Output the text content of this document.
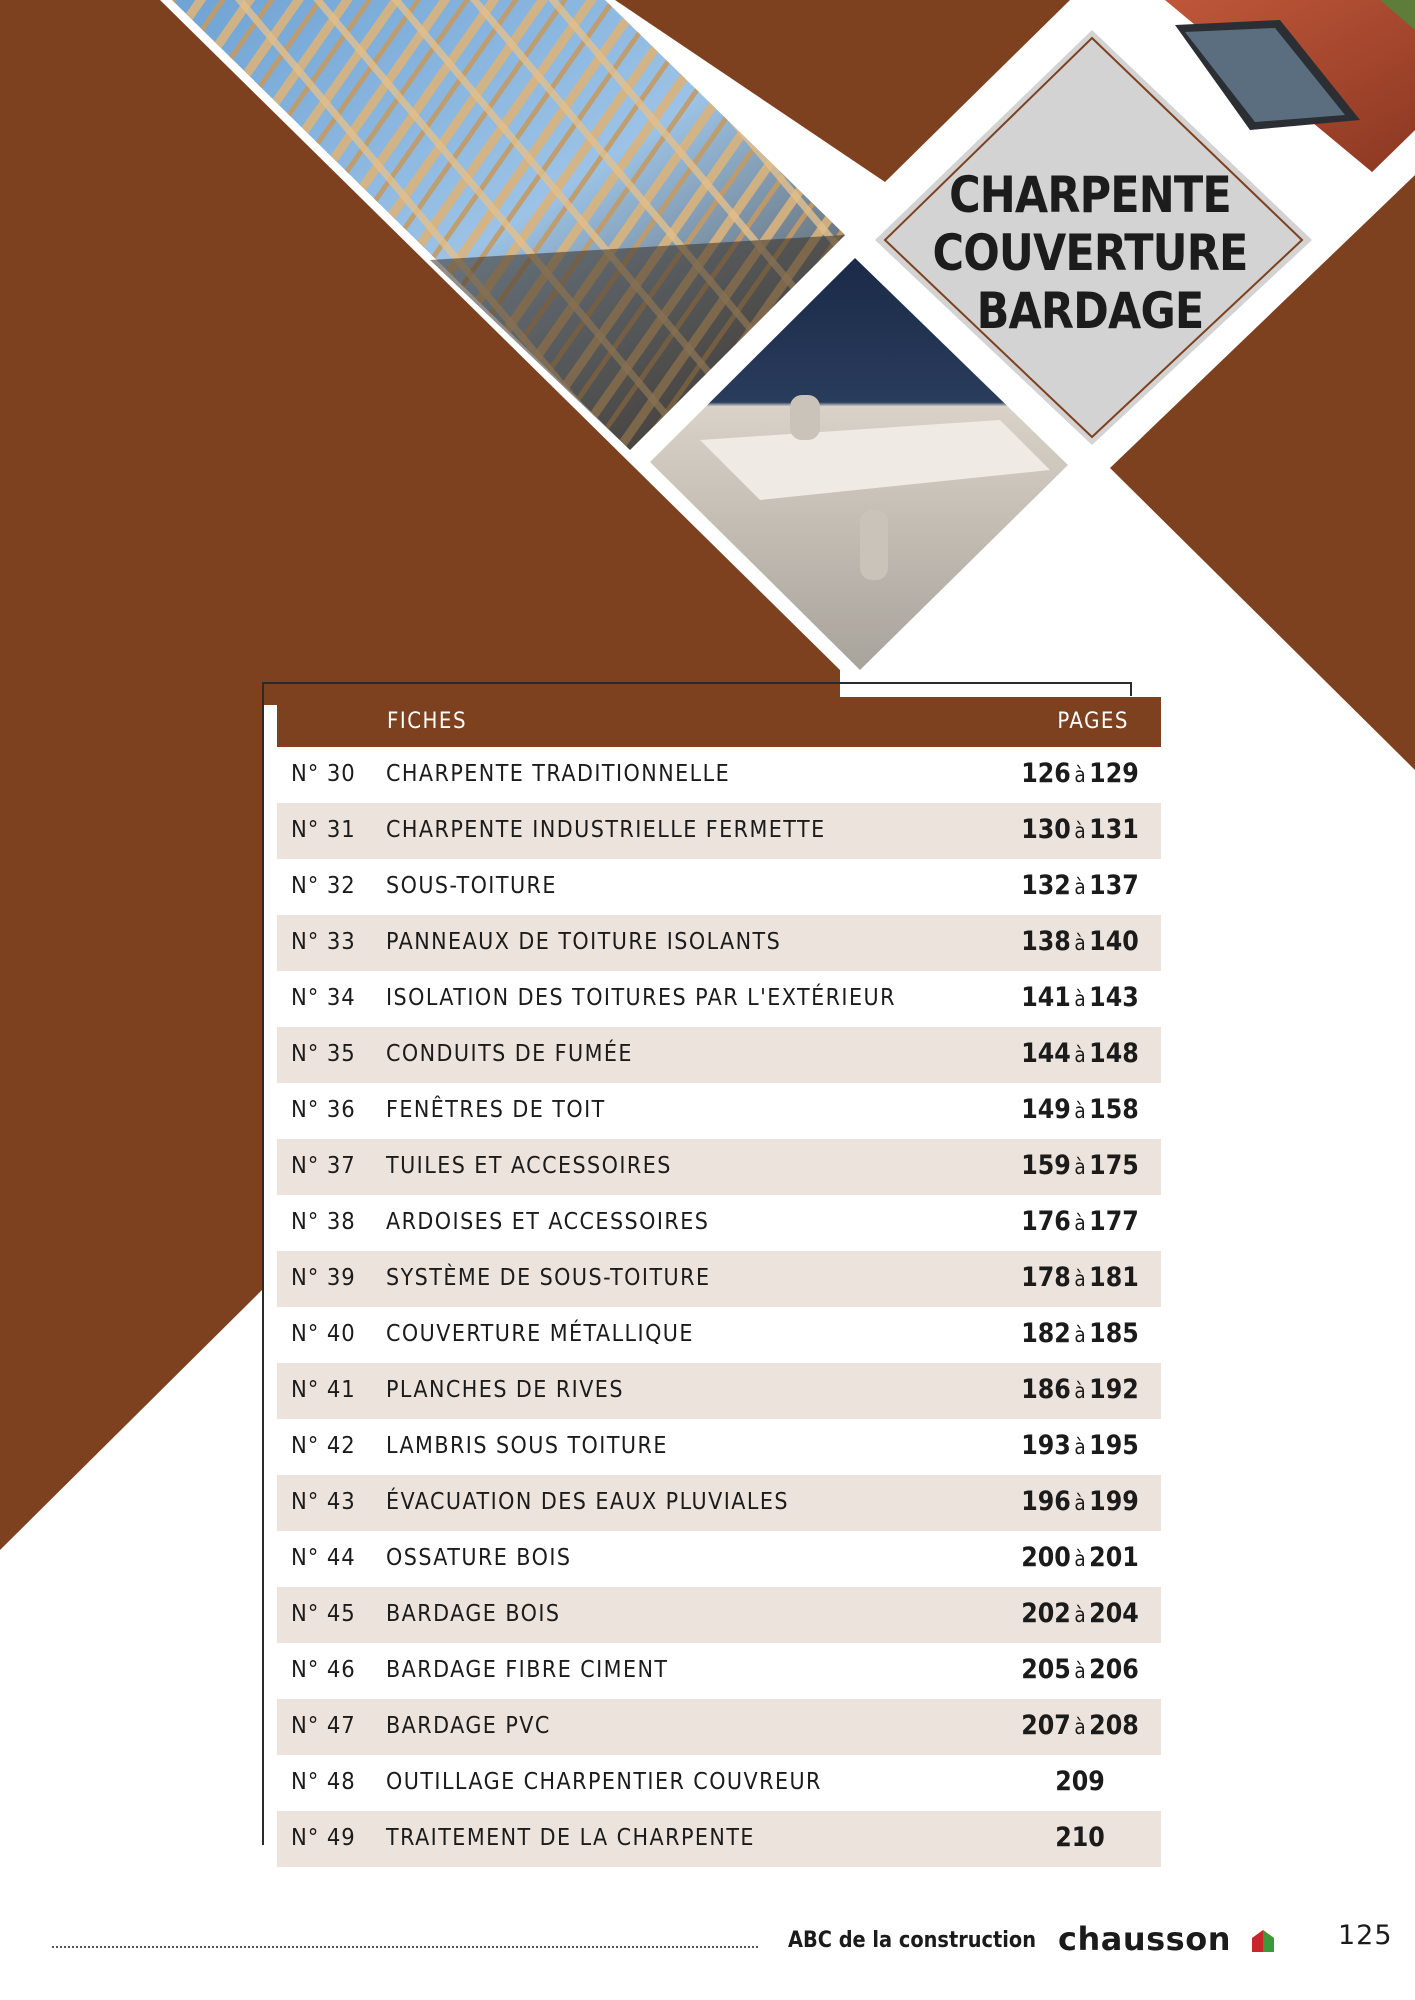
CHARPENTE
COUVERTURE
BARDAGE
FICHES	PAGES
N° 30 CHARPENTE TRADITIONNELLE	126 à 129
N° 31 CHARPENTE INDUSTRIELLE FERMETTE	130 à 131
N° 32 SOUS-TOITURE	132 à 137
N° 33 PANNEAUX DE TOITURE ISOLANTS	138 à 140
N° 34 ISOLATION DES TOITURES PAR L'EXTÉRIEUR	141 à 143
N° 35 CONDUITS DE FUMÉE	144 à 148
N° 36 FENÊTRES DE TOIT	149 à 158
N° 37 TUILES ET ACCESSOIRES	159 à 175
N° 38 ARDOISES ET ACCESSOIRES	176 à 177
N° 39 SYSTÈME DE SOUS-TOITURE	178 à 181
N° 40 COUVERTURE MÉTALLIQUE	182 à 185
N° 41 PLANCHES DE RIVES	186 à 192
N° 42 LAMBRIS SOUS TOITURE	193 à 195
N° 43 ÉVACUATION DES EAUX PLUVIALES	196 à 199
N° 44 OSSATURE BOIS	200 à 201
N° 45 BARDAGE BOIS	202 à 204
N° 46 BARDAGE FIBRE CIMENT	205 à 206
N° 47 BARDAGE PVC	207 à 208
N° 48 OUTILLAGE CHARPENTIER COUVREUR	209
N° 49 TRAITEMENT DE LA CHARPENTE	210
ABC de la construction chausson	125
